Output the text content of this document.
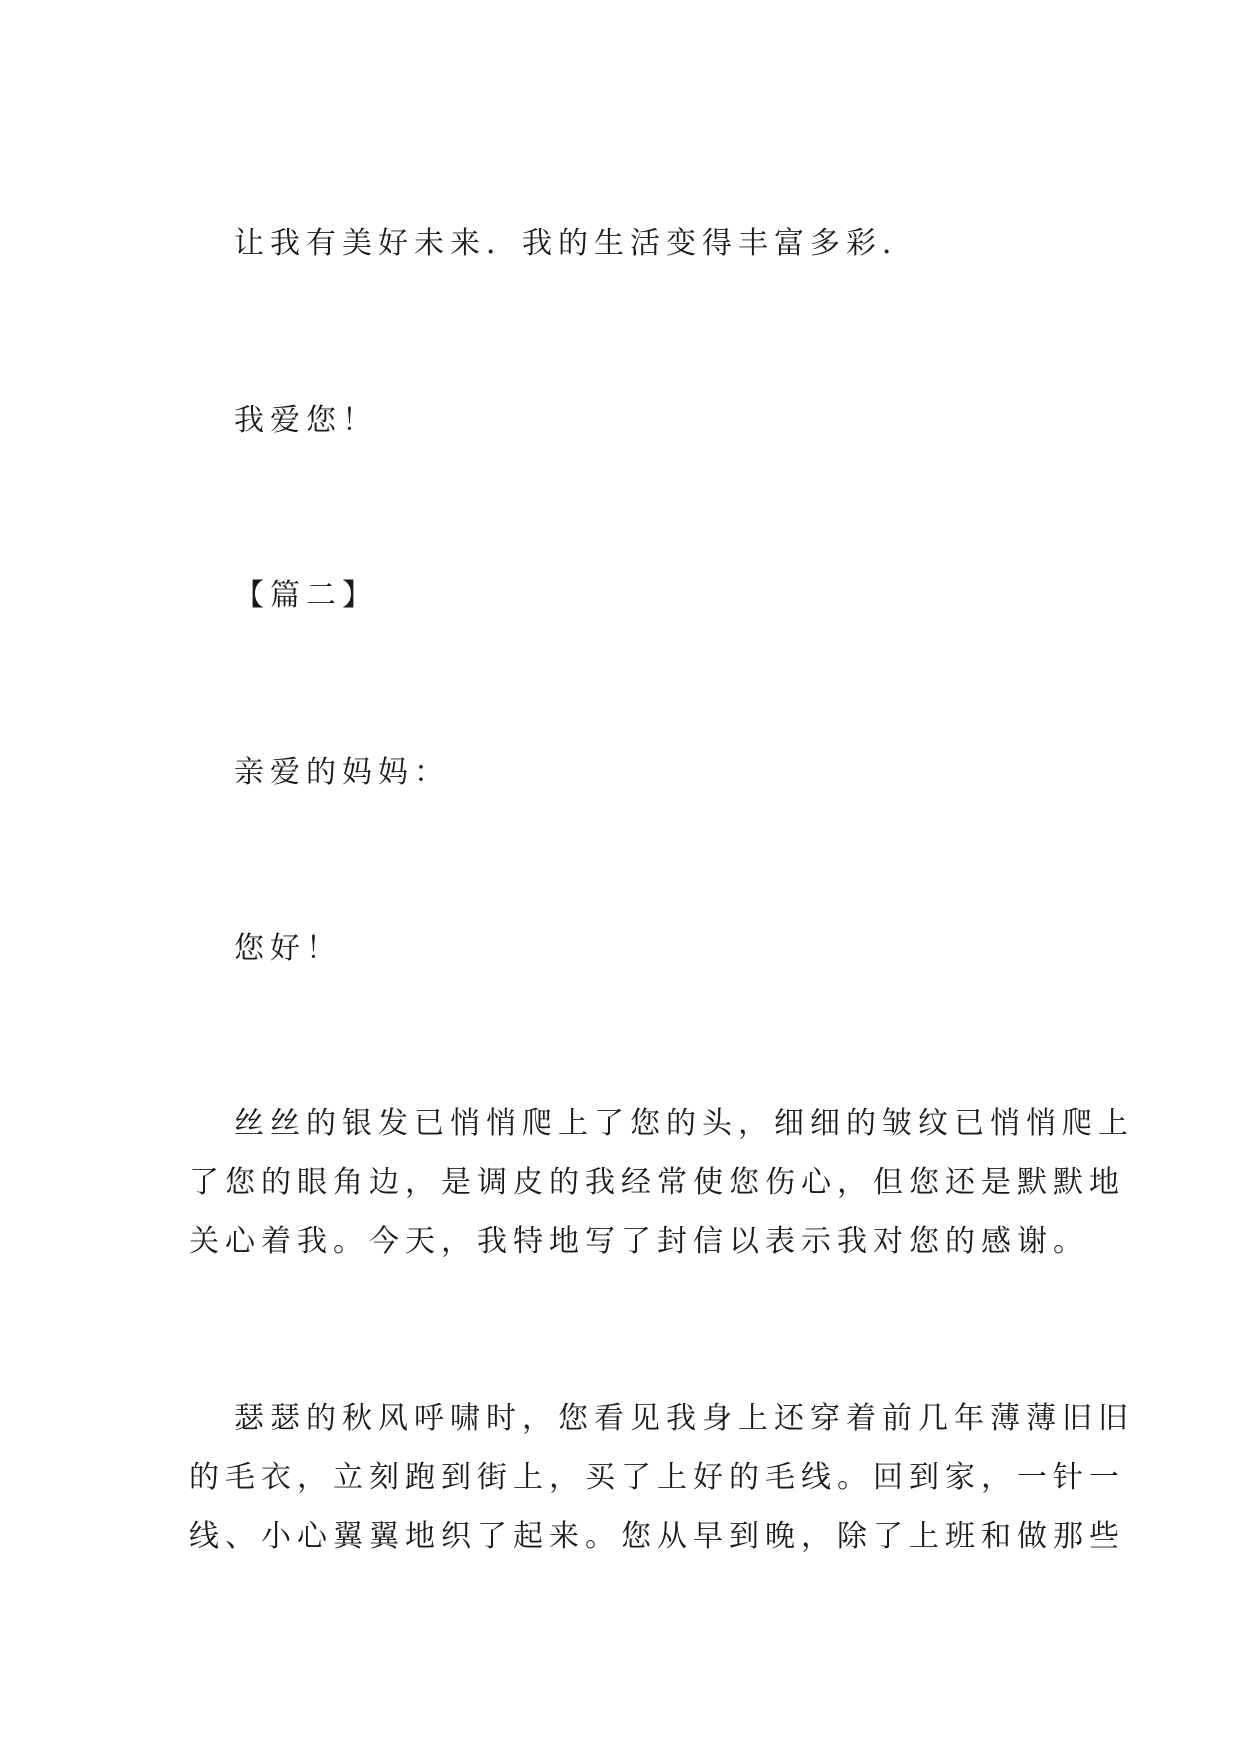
让我有美好未来．我的生活变得丰富多彩．
我爱您！
【篇二】
亲爱的妈妈：
您好！
丝丝的银发已悄悄爬上了您的头，细细的皱纹已悄悄爬上
了您的眼角边，是调皮的我经常使您伤心，但您还是默默地
关心着我。今天，我特地写了封信以表示我对您的感谢。
瑟瑟的秋风呼啸时，您看见我身上还穿着前几年薄薄旧旧
的毛衣，立刻跑到街上，买了上好的毛线。回到家，一针一
线、小心翼翼地织了起来。您从早到晚，除了上班和做那些
